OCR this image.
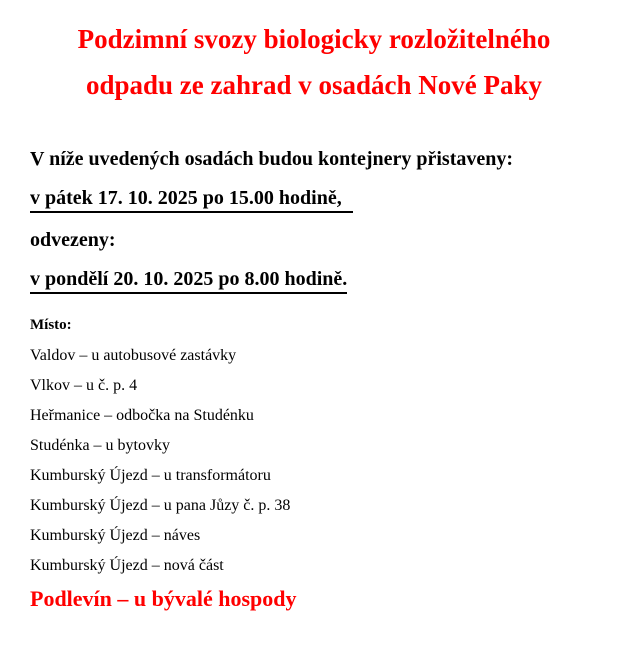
Podzimní svozy biologicky rozložitelného
odpadu ze zahrad v osadách Nové Paky

V níže uvedených osadách budou kontejnery přistaveny:

v pátek 17. 10. 2025 po 15.00 hodině,

odvezeny:

v pondělí 20. 10. 2025 po 8.00 hodině.

Místo:
Valdov – u autobusové zastávky
Vlkov – u č. p. 4
Heřmanice – odbočka na Studénku
Studénka – u bytovky
Kumburský Újezd – u transformátoru
Kumburský Újezd – u pana Jůzy č. p. 38
Kumburský Újezd – náves
Kumburský Újezd – nová část
Podlevín – u bývalé hospody
